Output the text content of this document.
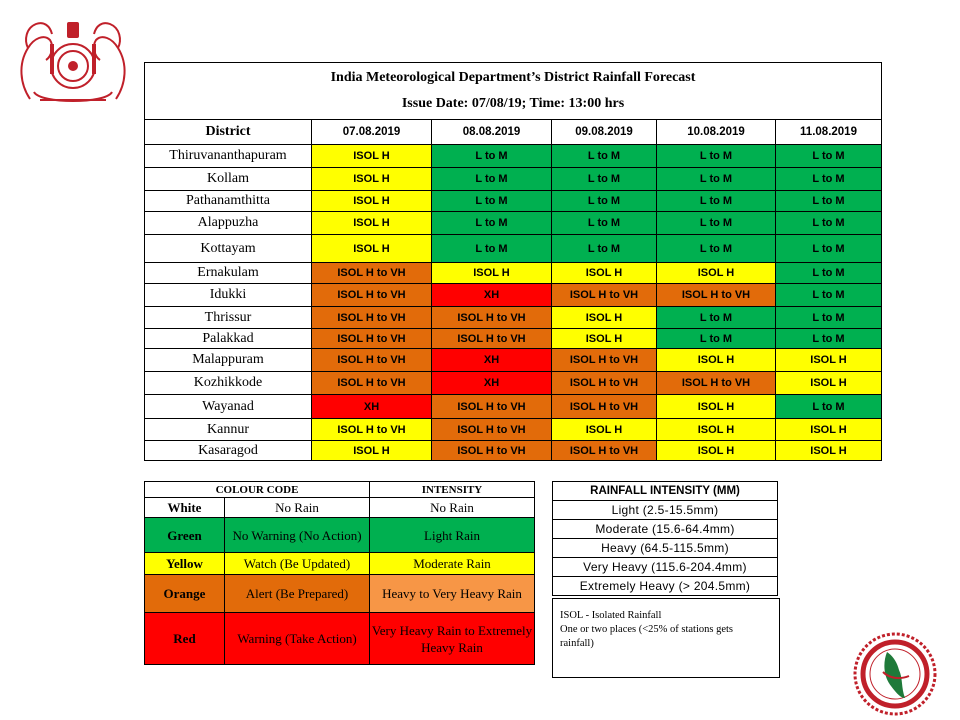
India Meteorological Department’s District Rainfall Forecast
Issue Date: 07/08/19; Time: 13:00 hrs					

District	07.08.2019	08.08.2019	09.08.2019	10.08.2019	11.08.2019
Thiruvananthapuram	ISOL H	L to M	L to M	L to M	L to M
Kollam	ISOL H	L to M	L to M	L to M	L to M
Pathanamthitta	ISOL H	L to M	L to M	L to M	L to M
Alappuzha	ISOL H	L to M	L to M	L to M	L to M
Kottayam	ISOL H	L to M	L to M	L to M	L to M
Ernakulam	ISOL H to VH	ISOL H	ISOL H	ISOL H	L to M
Idukki	ISOL H to VH	XH	ISOL H to VH	ISOL H to VH	L to M
Thrissur	ISOL H to VH	ISOL H to VH	ISOL H	L to M	L to M
Palakkad	ISOL H to VH	ISOL H to VH	ISOL H	L to M	L to M
Malappuram	ISOL H to VH	XH	ISOL H to VH	ISOL H	ISOL H
Kozhikkode	ISOL H to VH	XH	ISOL H to VH	ISOL H to VH	ISOL H
Wayanad	XH	ISOL H to VH	ISOL H to VH	ISOL H	L to M
Kannur	ISOL H to VH	ISOL H to VH	ISOL H	ISOL H	ISOL H
Kasaragod	ISOL H	ISOL H to VH	ISOL H to VH	ISOL H	ISOL H
COLOUR CODE		INTENSITY
White	No Rain	No Rain
Green	No Warning (No Action)	Light Rain
Yellow	Watch (Be Updated)	Moderate Rain
Orange	Alert (Be Prepared)	Heavy to Very Heavy Rain
Red	Warning (Take Action)	Very Heavy Rain to Extremely Heavy Rain
RAINFALL INTENSITY (MM)
Light (2.5-15.5mm)
Moderate (15.6-64.4mm)
Heavy (64.5-115.5mm)
Very Heavy (115.6-204.4mm)
Extremely Heavy (> 204.5mm)
ISOL - Isolated Rainfall
One or two places (<25% of stations gets
rainfall)
